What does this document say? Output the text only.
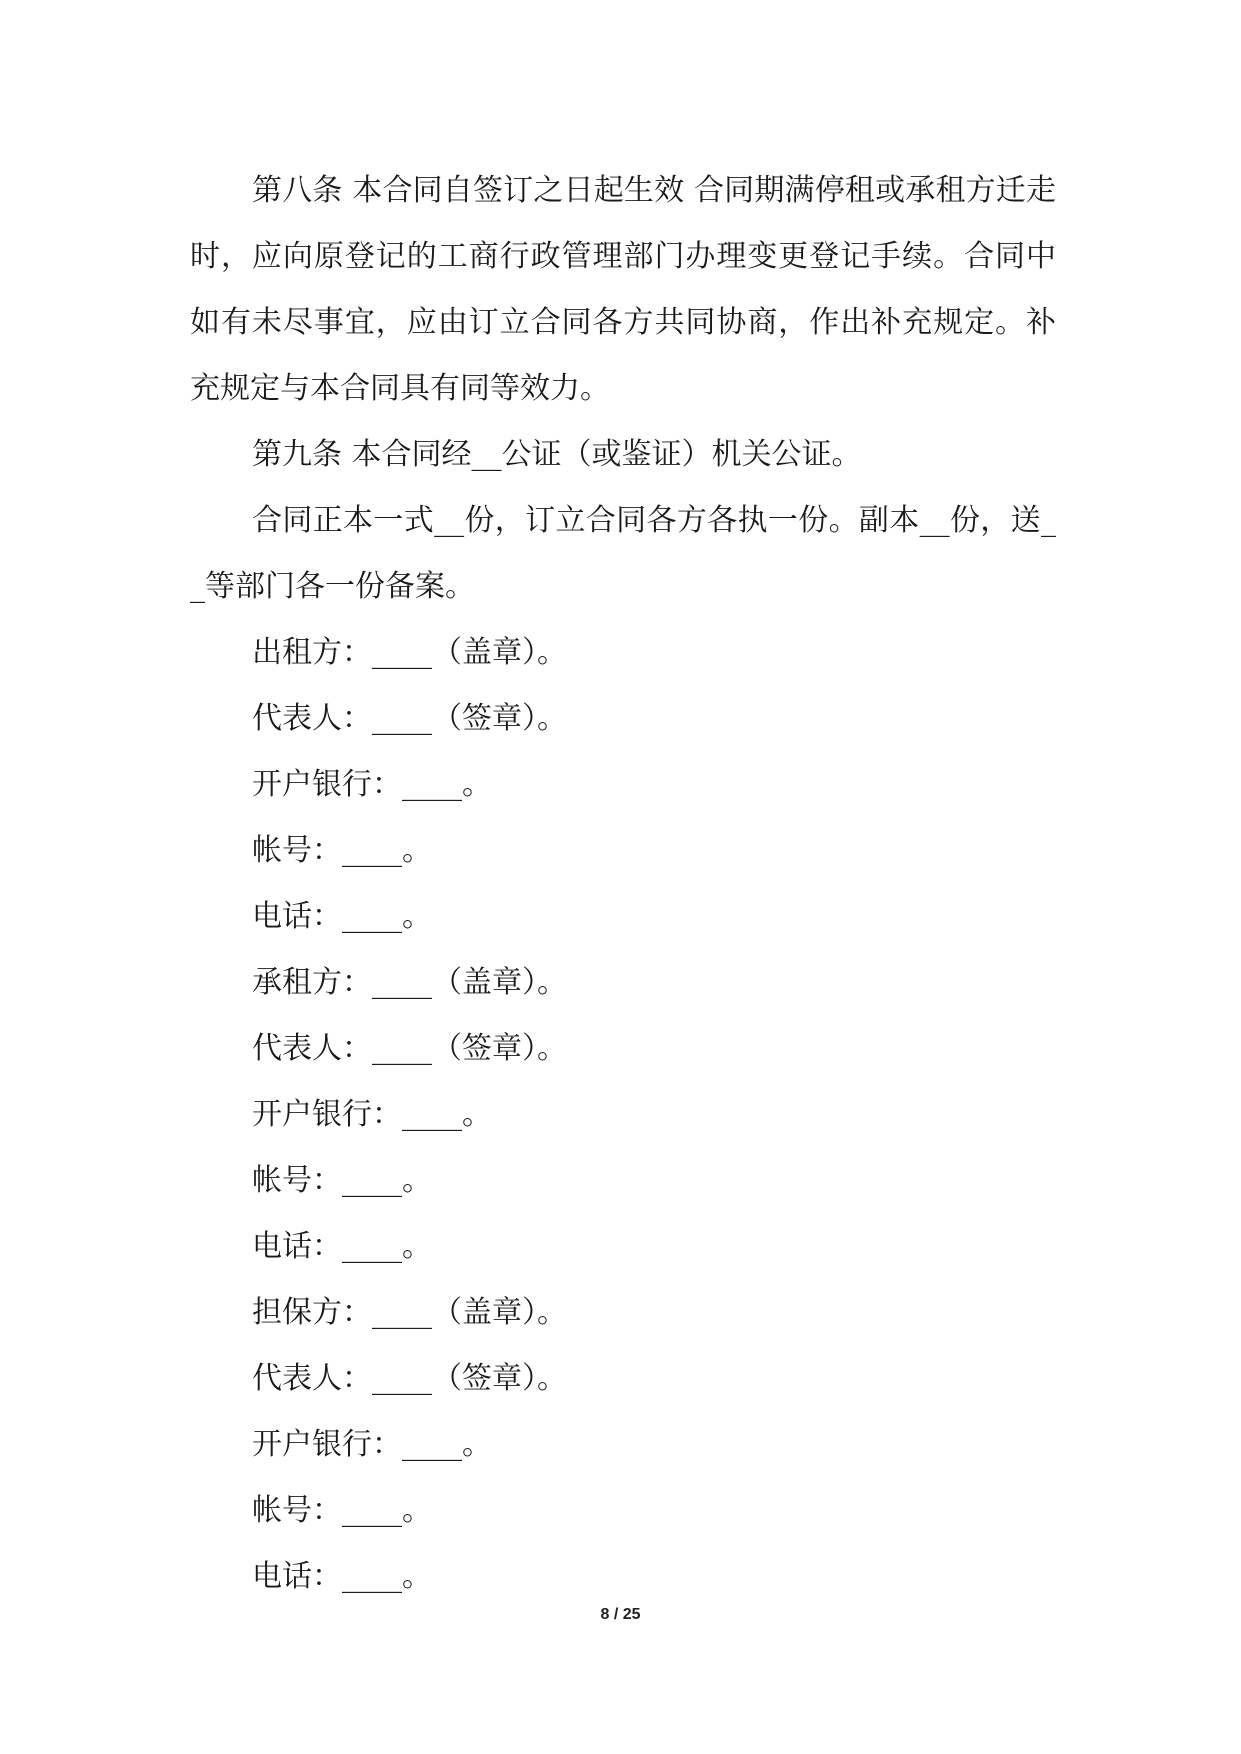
第八条 本合同自签订之日起生效 合同期满停租或承租方迁走时，应向原登记的工商行政管理部门办理变更登记手续。合同中如有未尽事宜，应由订立合同各方共同协商，作出补充规定。补充规定与本合同具有同等效力。

第九条 本合同经__公证（或鉴证）机关公证。

合同正本一式__份，订立合同各方各执一份。副本__份，送__等部门各一份备案。

出租方：____（盖章）。

代表人：____（签章）。

开户银行：____。

帐号：____。

电话：____。

承租方：____（盖章）。

代表人：____（签章）。

开户银行：____。

帐号：____。

电话：____。

担保方：____（盖章）。

代表人：____（签章）。

开户银行：____。

帐号：____。

电话：____。

8 / 25
